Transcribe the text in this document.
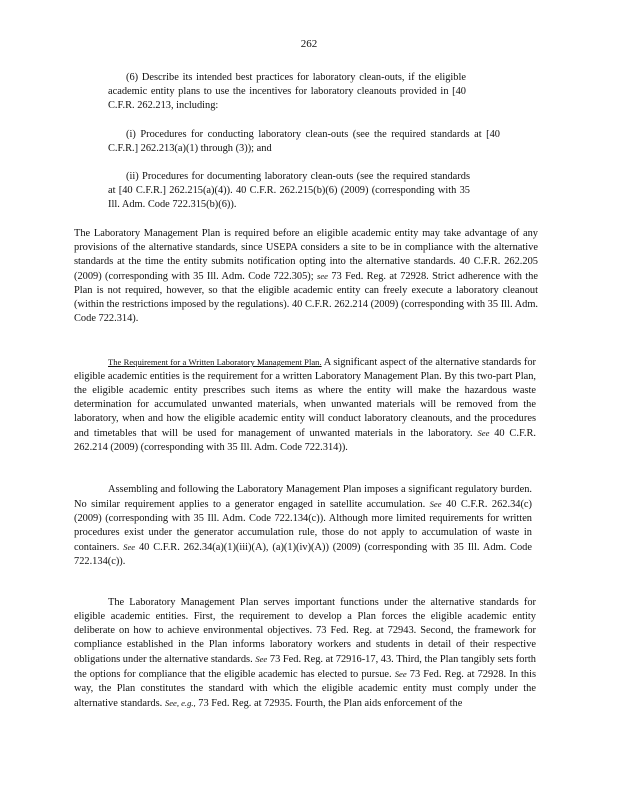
262

(6) Describe its intended best practices for laboratory clean-outs, if the eligible academic entity plans to use the incentives for laboratory cleanouts provided in [40 C.F.R. 262.213, including:

(i) Procedures for conducting laboratory clean-outs (see the required standards at [40 C.F.R.] 262.213(a)(1) through (3)); and

(ii) Procedures for documenting laboratory clean-outs (see the required standards at [40 C.F.R.] 262.215(a)(4)). 40 C.F.R. 262.215(b)(6) (2009) (corresponding with 35 Ill. Adm. Code 722.315(b)(6)).

The Laboratory Management Plan is required before an eligible academic entity may take advantage of any provisions of the alternative standards, since USEPA considers a site to be in compliance with the alternative standards at the time the entity submits notification opting into the alternative standards. 40 C.F.R. 262.205 (2009) (corresponding with 35 Ill. Adm. Code 722.305); see 73 Fed. Reg. at 72928. Strict adherence with the Plan is not required, however, so that the eligible academic entity can freely execute a laboratory cleanout (within the restrictions imposed by the regulations). 40 C.F.R. 262.214 (2009) (corresponding with 35 Ill. Adm. Code 722.314).

The Requirement for a Written Laboratory Management Plan. A significant aspect of the alternative standards for eligible academic entities is the requirement for a written Laboratory Management Plan. By this two-part Plan, the eligible academic entity prescribes such items as where the entity will make the hazardous waste determination for accumulated unwanted materials, when unwanted materials will be removed from the laboratory, when and how the eligible academic entity will conduct laboratory cleanouts, and the procedures and timetables that will be used for management of unwanted materials in the laboratory. See 40 C.F.R. 262.214 (2009) (corresponding with 35 Ill. Adm. Code 722.314)).

Assembling and following the Laboratory Management Plan imposes a significant regulatory burden. No similar requirement applies to a generator engaged in satellite accumulation. See 40 C.F.R. 262.34(c) (2009) (corresponding with 35 Ill. Adm. Code 722.134(c)). Although more limited requirements for written procedures exist under the generator accumulation rule, those do not apply to accumulation of waste in containers. See 40 C.F.R. 262.34(a)(1)(iii)(A), (a)(1)(iv)(A)) (2009) (corresponding with 35 Ill. Adm. Code 722.134(c)).

The Laboratory Management Plan serves important functions under the alternative standards for eligible academic entities. First, the requirement to develop a Plan forces the eligible academic entity deliberate on how to achieve environmental objectives. 73 Fed. Reg. at 72943. Second, the framework for compliance established in the Plan informs laboratory workers and students in detail of their respective obligations under the alternative standards. See 73 Fed. Reg. at 72916-17, 43. Third, the Plan tangibly sets forth the options for compliance that the eligible academic has elected to pursue. See 73 Fed. Reg. at 72928. In this way, the Plan constitutes the standard with which the eligible academic entity must comply under the alternative standards. See, e.g., 73 Fed. Reg. at 72935. Fourth, the Plan aids enforcement of the
